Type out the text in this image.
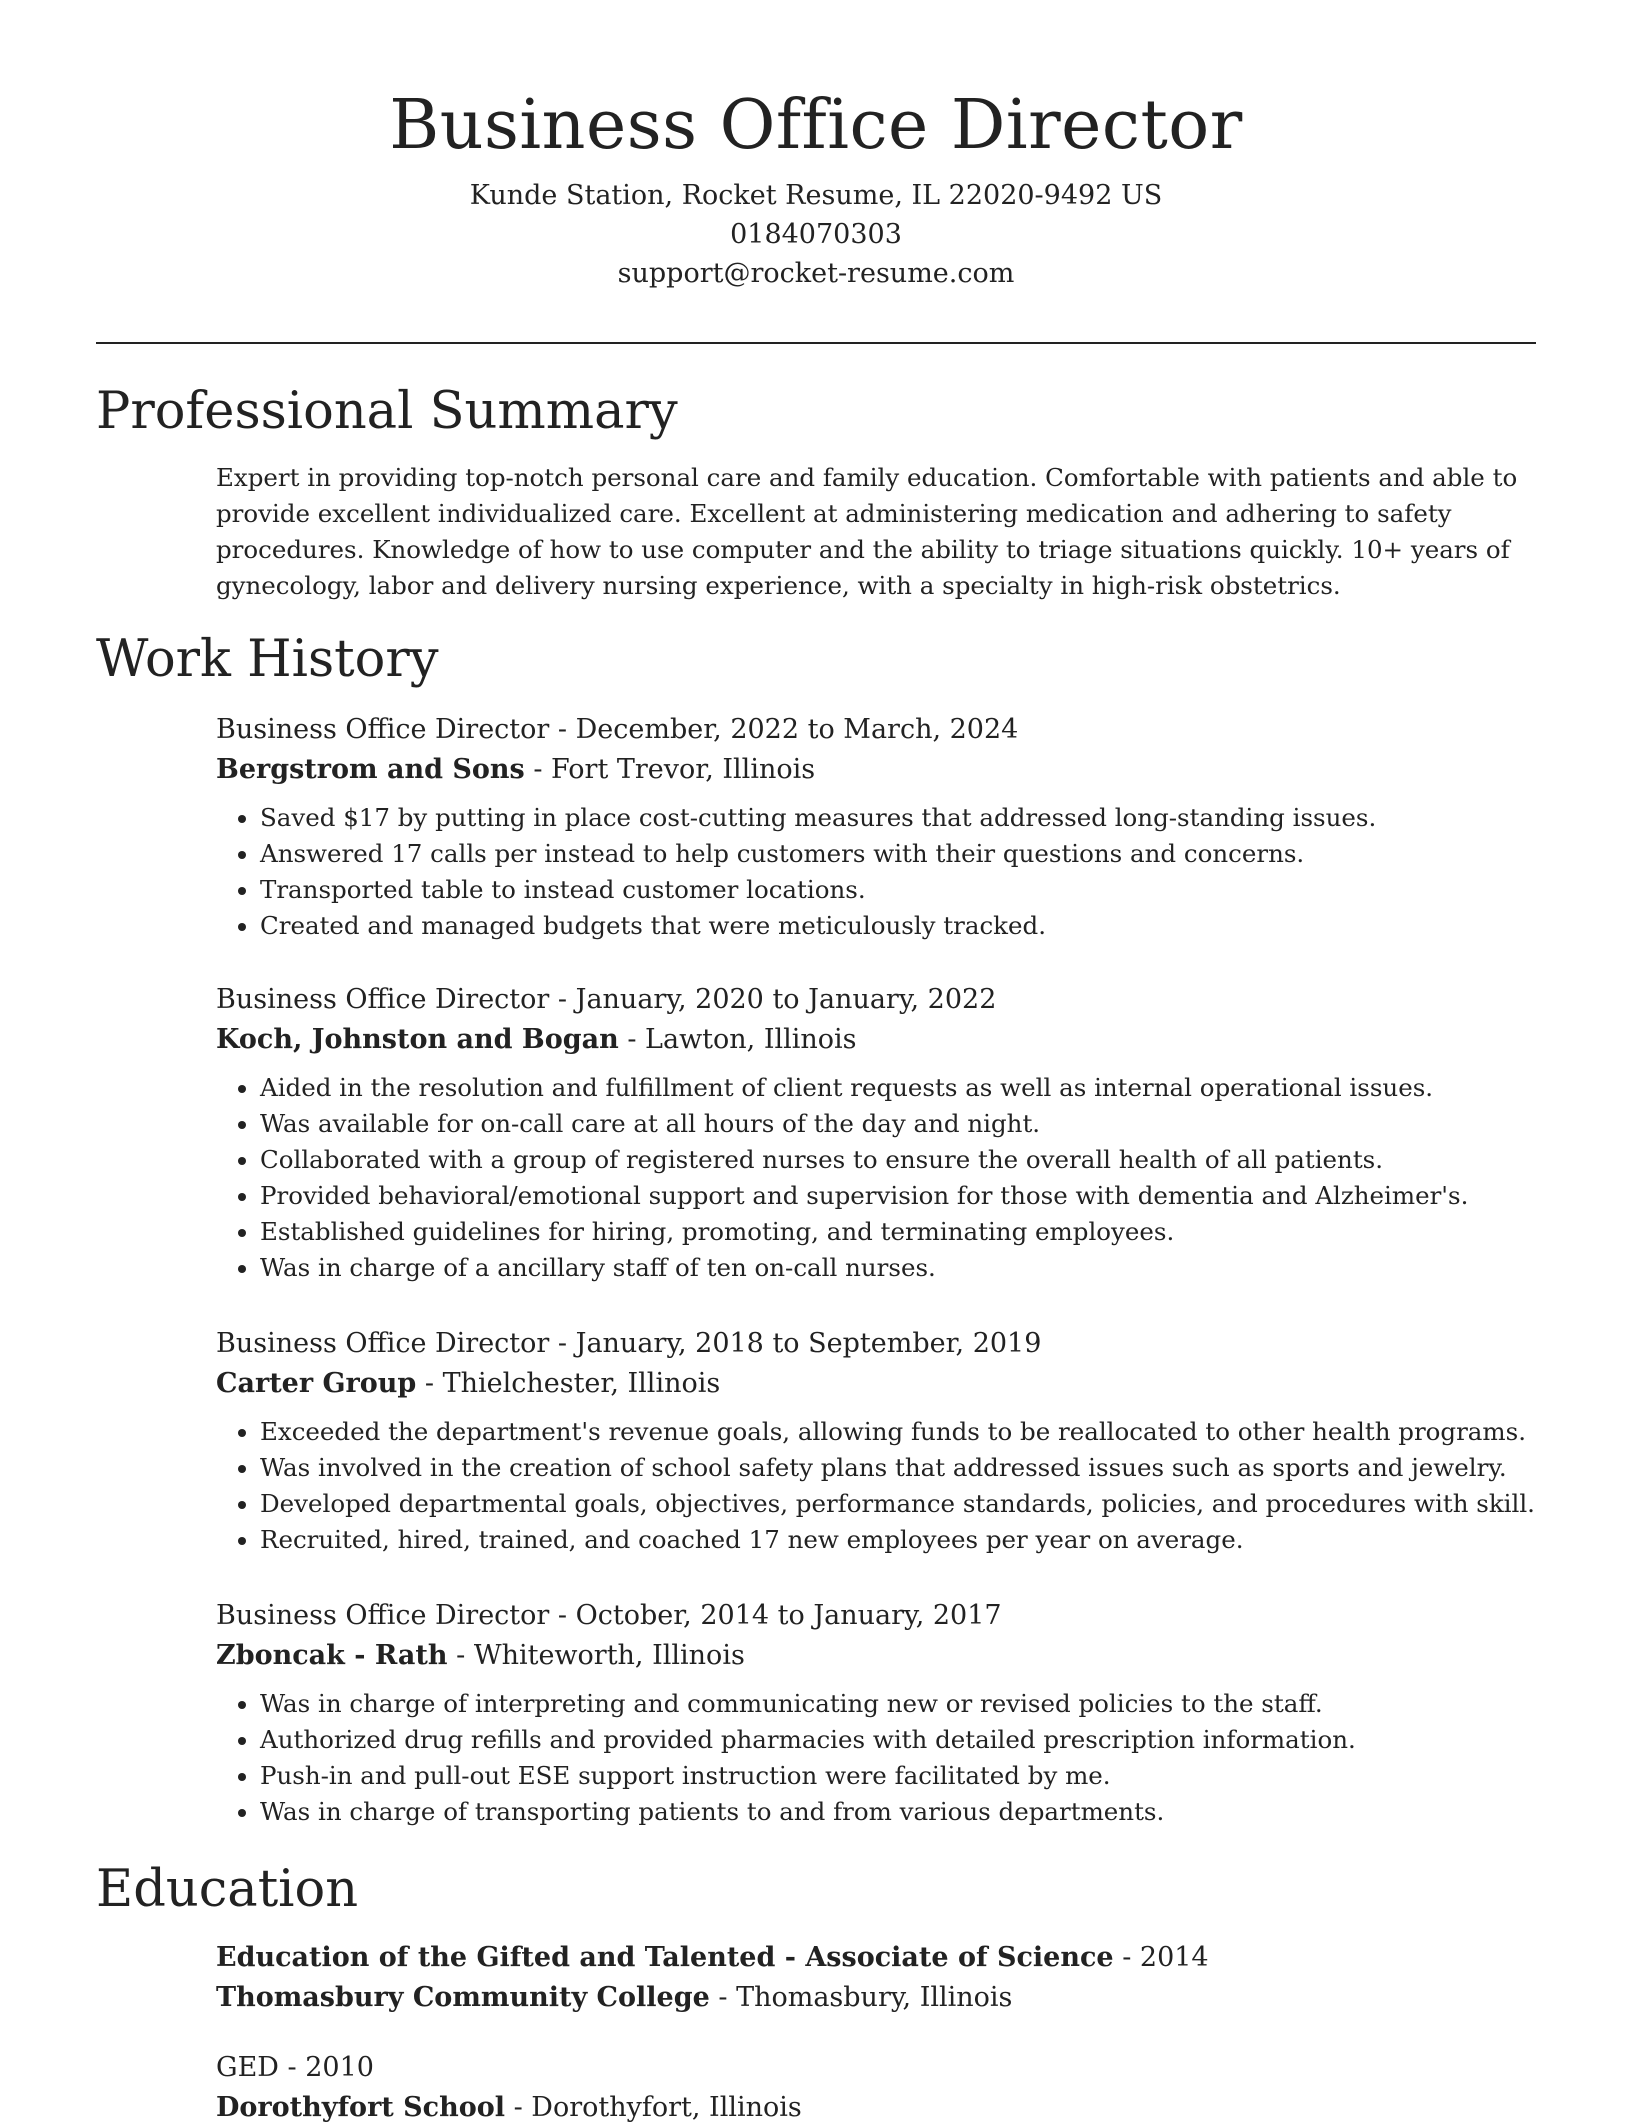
Business Office Director

Kunde Station, Rocket Resume, IL 22020-9492 US

0184070303

support@rocket-resume.com

Professional Summary

Expert in providing top-notch personal care and family education. Comfortable with patients and able to provide excellent individualized care. Excellent at administering medication and adhering to safety procedures. Knowledge of how to use computer and the ability to triage situations quickly. 10+ years of gynecology, labor and delivery nursing experience, with a specialty in high-risk obstetrics.

Work History

Business Office Director - December, 2022 to March, 2024

Bergstrom and Sons - Fort Trevor, Illinois

• Saved $17 by putting in place cost-cutting measures that addressed long-standing issues.
• Answered 17 calls per instead to help customers with their questions and concerns.
• Transported table to instead customer locations.
• Created and managed budgets that were meticulously tracked.

Business Office Director - January, 2020 to January, 2022

Koch, Johnston and Bogan - Lawton, Illinois

• Aided in the resolution and fulfillment of client requests as well as internal operational issues.
• Was available for on-call care at all hours of the day and night.
• Collaborated with a group of registered nurses to ensure the overall health of all patients.
• Provided behavioral/emotional support and supervision for those with dementia and Alzheimer's.
• Established guidelines for hiring, promoting, and terminating employees.
• Was in charge of a ancillary staff of ten on-call nurses.

Business Office Director - January, 2018 to September, 2019

Carter Group - Thielchester, Illinois

• Exceeded the department's revenue goals, allowing funds to be reallocated to other health programs.
• Was involved in the creation of school safety plans that addressed issues such as sports and jewelry.
• Developed departmental goals, objectives, performance standards, policies, and procedures with skill.
• Recruited, hired, trained, and coached 17 new employees per year on average.

Business Office Director - October, 2014 to January, 2017

Zboncak - Rath - Whiteworth, Illinois

• Was in charge of interpreting and communicating new or revised policies to the staff.
• Authorized drug refills and provided pharmacies with detailed prescription information.
• Push-in and pull-out ESE support instruction were facilitated by me.
• Was in charge of transporting patients to and from various departments.
Education

Education of the Gifted and Talented - Associate of Science - 2014

Thomasbury Community College - Thomasbury, Illinois

GED - 2010

Dorothyfort School - Dorothyfort, Illinois
